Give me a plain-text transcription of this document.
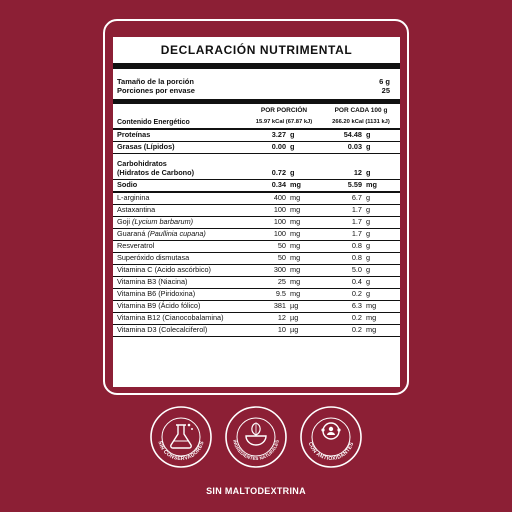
DECLARACIÓN NUTRIMENTAL
Tamaño de la porción	6 g
Porciones por envase	25
POR PORCIÓN	POR CADA 100 g
Contenido Energético	15.97 kCal (67.87 kJ)	266.20 kCal (1131 kJ)
Proteínas	3.27 g	54.48 g
Grasas (Lípidos)	0.00 g	0.03 g
Carbohidratos
(Hidratos de Carbono)	0.72 g	12 g
Sodio	0.34 mg	5.59 mg
L-arginina	400 mg	6.7 g
Astaxantina	100 mg	1.7 g
Goji (Lycium barbarum)	100 mg	1.7 g
Guaraná (Paullinia cupana)	100 mg	1.7 g
Resveratrol	50 mg	0.8 g
Superóxido dismutasa	50 mg	0.8 g
Vitamina C (Acido ascórbico)	300 mg	5.0 g
Vitamina B3 (Niacina)	25 mg	0.4 g
Vitamina B6 (Piridoxina)	9.5 mg	0.2 g
Vitamina B9 (Ácido fólico)	381 µg	6.3 mg
Vitamina B12 (Cianocobalamina)	12 µg	0.2 mg
Vitamina D3 (Colecalciferol)	10 µg	0.2 mg
SIN CONSERVADORES	INGREDIENTES NATURALES
CON ANTIOXIDANTES
SIN MALTODEXTRINA
